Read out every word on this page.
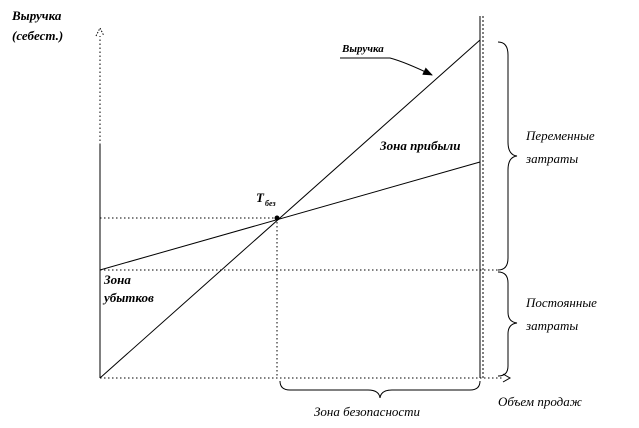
Выручка
(себест.)
Объем продаж
Выручка
Зона прибыли
Зона
убытков
Зона безопасности
Переменные
затраты
Постоянные
затраты
T без
